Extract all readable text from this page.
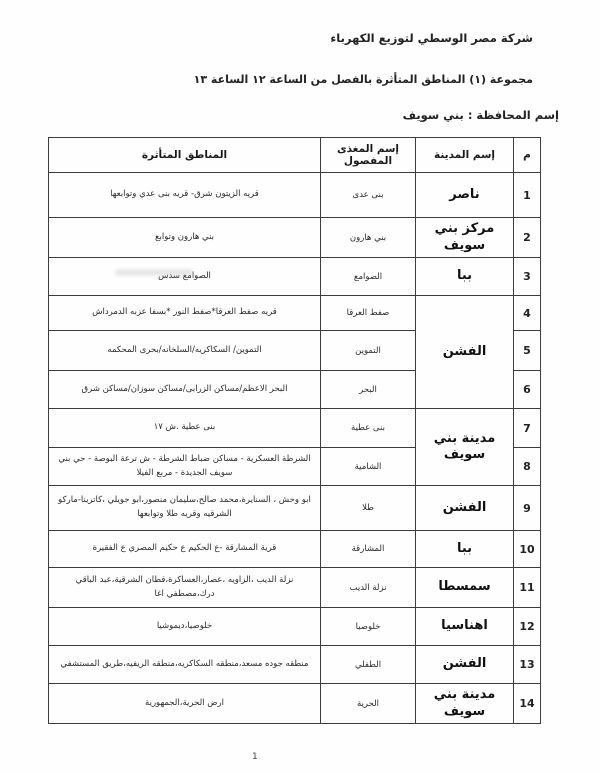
شركة مصر الوسطي لتوزيع الكهرباء
مجموعة (١) المناطق المتأثرة بالفصل من الساعة ١٢ الساعة ١٣
إسم المحافظة : بني سويف
م	إسم المدينة	إسم المغذى المفصول	المناطق المتأثرة
1	ناصر	بنى عدى	قريه الزيتون شرق- قريه بنى عدي وتوابعها
2	مركز بني سويف	بني هارون	بني هارون وتوابع
3	ببا	الصوامع	الصوامع سدس
4	الفشن	صفط العرقا	قريه صفط العرقا*صفط النور *بسفا عزبه الدمرداش
5		التموين	التموين/ السكاكريه/السلخانه/بحرى المحكمه
6		البحر	البحر الاعظم/مساكن الزرابى/مساكن سوزان/مساكن شرق
7	مدينة بني سويف	بنى عطية	بنى عطية .ش ١٧
8		الشامية	الشرطة العسكرية - مساكن ضباط الشرطة - ش ترعة البوصة - حي بني سويف الجديدة - مربع الفيلا
9	الفشن	طلا	ابو وحش ، السنايرة،محمد صالح،سليمان منصور،ابو جويلي ،كاترينا-ماركو الشرقيه وقريه طلا وتوابعها
10	ببا	المشارقة	قرية المشارقة -ع الحكيم ع حكيم المصري ع الفقيرة
11	سمسطا	نزلة الديب	نزلة الديب ،الزاويه ،عصار،العساكرة،قطان الشرقية،عبد الباقي درك،مصطفي اغا
12	اهناسيا	خلوصيا	خلوصيا،ديموشيا
13	الفشن	الطفلي	منطقه جوده مسعد،منطقه السكاكريه،منطقه الريفيه،طريق المستشفي
14	مدينة بني سويف	الحرية	ارض الحرية،الجمهورية
1
